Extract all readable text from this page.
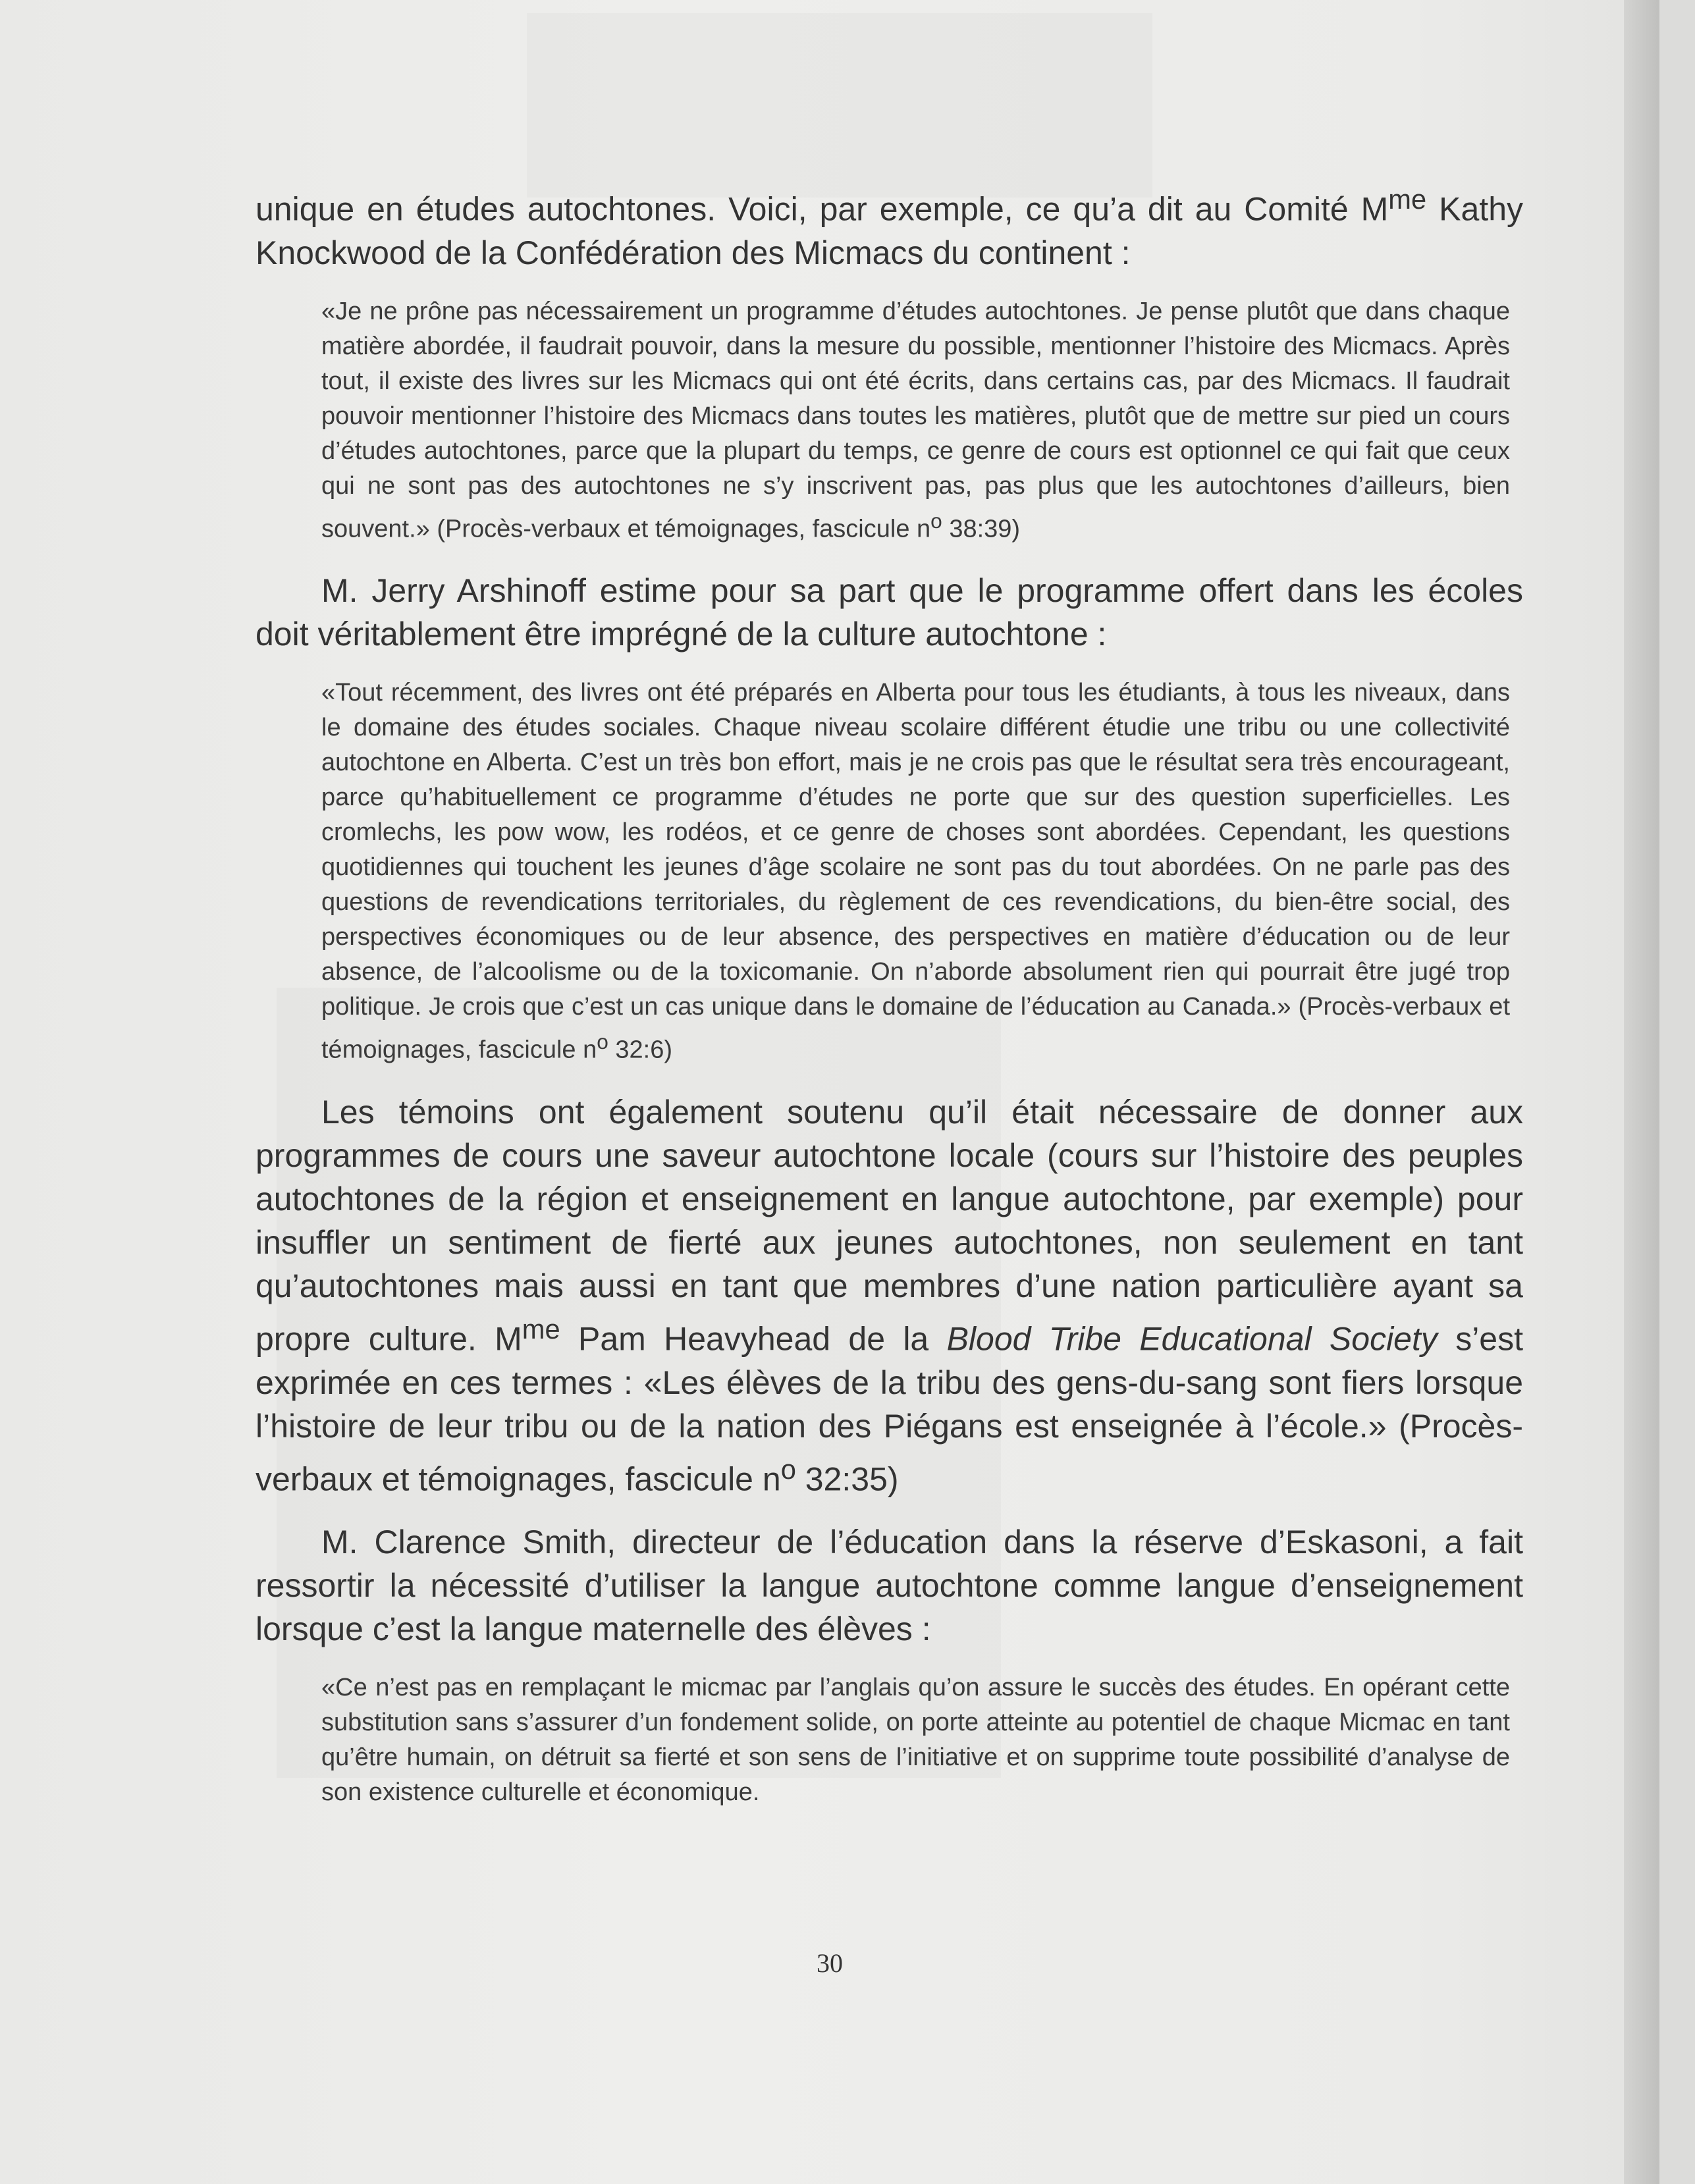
unique en études autochtones. Voici, par exemple, ce qu’a dit au Comité $M^{me}$ Kathy Knockwood de la Confédération des Micmacs du continent :

«Je ne prône pas nécessairement un programme d’études autochtones. Je pense plutôt que dans chaque matière abordée, il faudrait pouvoir, dans la mesure du possible, mentionner l’histoire des Micmacs. Après tout, il existe des livres sur les Micmacs qui ont été écrits, dans certains cas, par des Micmacs. Il faudrait pouvoir mentionner l’histoire des Micmacs dans toutes les matières, plutôt que de mettre sur pied un cours d’études autochtones, parce que la plupart du temps, ce genre de cours est optionnel ce qui fait que ceux qui ne sont pas des autochtones ne s’y inscrivent pas, pas plus que les autochtones d’ailleurs, bien souvent.» (Procès-verbaux et témoignages, fascicule $n^o$ 38:39)

M. Jerry Arshinoff estime pour sa part que le programme offert dans les écoles doit véritablement être imprégné de la culture autochtone :

«Tout récemment, des livres ont été préparés en Alberta pour tous les étudiants, à tous les niveaux, dans le domaine des études sociales. Chaque niveau scolaire différent étudie une tribu ou une collectivité autochtone en Alberta. C’est un très bon effort, mais je ne crois pas que le résultat sera très encourageant, parce qu’habituellement ce programme d’études ne porte que sur des question superficielles. Les cromlechs, les pow wow, les rodéos, et ce genre de choses sont abordées. Cependant, les questions quotidiennes qui touchent les jeunes d’âge scolaire ne sont pas du tout abordées. On ne parle pas des questions de revendications territoriales, du règlement de ces revendications, du bien-être social, des perspectives économiques ou de leur absence, des perspectives en matière d’éducation ou de leur absence, de l’alcoolisme ou de la toxicomanie. On n’aborde absolument rien qui pourrait être jugé trop politique. Je crois que c’est un cas unique dans le domaine de l’éducation au Canada.» (Procès-verbaux et témoignages, fascicule $n^o$ 32:6)

Les témoins ont également soutenu qu’il était nécessaire de donner aux programmes de cours une saveur autochtone locale (cours sur l’histoire des peuples autochtones de la région et enseignement en langue autochtone, par exemple) pour insuffler un sentiment de fierté aux jeunes autochtones, non seulement en tant qu’autochtones mais aussi en tant que membres d’une nation particulière ayant sa propre culture. $M^{me}$ Pam Heavyhead de la Blood Tribe Educational Society s’est exprimée en ces termes : «Les élèves de la tribu des gens-du-sang sont fiers lorsque l’histoire de leur tribu ou de la nation des Piégans est enseignée à l’école.» (Procès-verbaux et témoignages, fascicule $n^o$ 32:35)

M. Clarence Smith, directeur de l’éducation dans la réserve d’Eskasoni, a fait ressortir la nécessité d’utiliser la langue autochtone comme langue d’enseignement lorsque c’est la langue maternelle des élèves :

«Ce n’est pas en remplaçant le micmac par l’anglais qu’on assure le succès des études. En opérant cette substitution sans s’assurer d’un fondement solide, on porte atteinte au potentiel de chaque Micmac en tant qu’être humain, on détruit sa fierté et son sens de l’initiative et on supprime toute possibilité d’analyse de son existence culturelle et économique.

30
